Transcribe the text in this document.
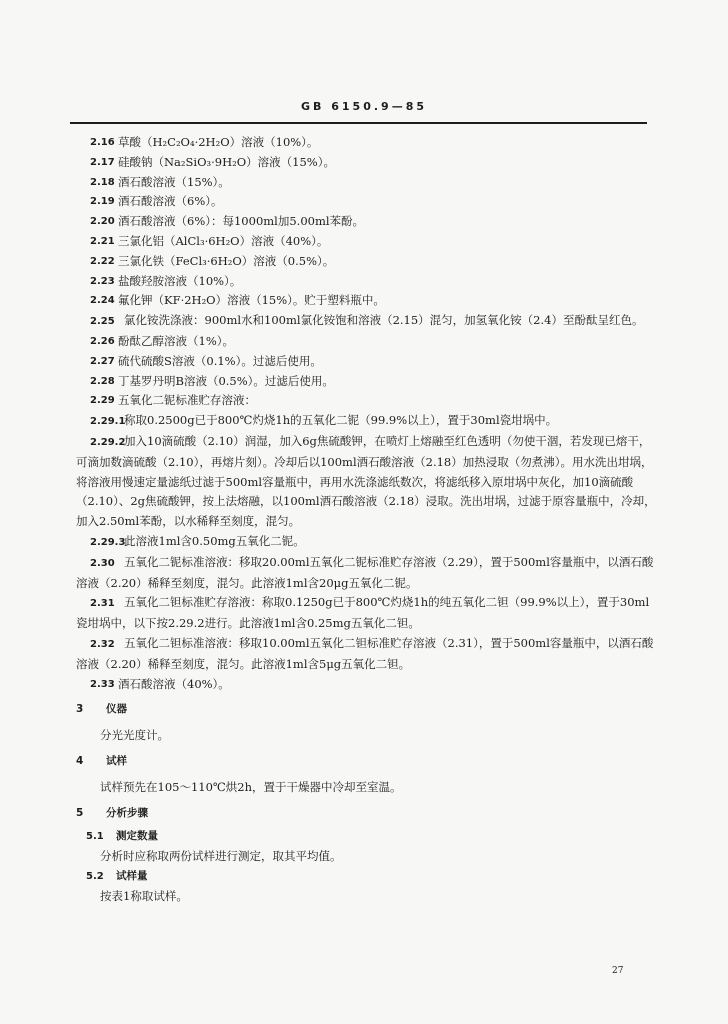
GB 6150.9—85
2.16 草酸（H₂C₂O₄·2H₂O）溶液（10%）。
2.17 硅酸钠（Na₂SiO₃·9H₂O）溶液（15%）。
2.18 酒石酸溶液（15%）。
2.19 酒石酸溶液（6%）。
2.20 酒石酸溶液（6%）：每1000ml加5.00ml苯酚。
2.21 三氯化铝（AlCl₃·6H₂O）溶液（40%）。
2.22 三氯化铁（FeCl₃·6H₂O）溶液（0.5%）。
2.23 盐酸羟胺溶液（10%）。
2.24 氟化钾（KF·2H₂O）溶液（15%）。贮于塑料瓶中。
2.25 氯化铵洗涤液：900ml水和100ml氯化铵饱和溶液（2.15）混匀，加氢氧化铵（2.4）至酚酞呈红色。
2.26 酚酞乙醇溶液（1%）。
2.27 硫代硫酸S溶液（0.1%）。过滤后使用。
2.28 丁基罗丹明B溶液（0.5%）。过滤后使用。
2.29 五氧化二铌标准贮存溶液：
2.29.1称取0.2500g已于800℃灼烧1h的五氧化二铌（99.9%以上），置于30ml瓷坩埚中。
2.29.2加入10滴硫酸（2.10）润湿，加入6g焦硫酸钾，在喷灯上熔融至红色透明（勿使干涸，若发现已熔干，可滴加数滴硫酸（2.10），再熔片刻）。冷却后以100ml酒石酸溶液（2.18）加热浸取（勿煮沸）。用水洗出坩埚，将溶液用慢速定量滤纸过滤于500ml容量瓶中，再用水洗涤滤纸数次，将滤纸移入原坩埚中灰化，加10滴硫酸（2.10）、2g焦硫酸钾，按上法熔融，以100ml酒石酸溶液（2.18）浸取。洗出坩埚，过滤于原容量瓶中，冷却，加入2.50ml苯酚，以水稀释至刻度，混匀。
2.29.3此溶液1ml含0.50mg五氧化二铌。
2.30 五氧化二铌标准溶液：移取20.00ml五氧化二铌标准贮存溶液（2.29），置于500ml容量瓶中，以酒石酸溶液（2.20）稀释至刻度，混匀。此溶液1ml含20μg五氧化二铌。
2.31 五氧化二钽标准贮存溶液：称取0.1250g已于800℃灼烧1h的纯五氧化二钽（99.9%以上），置于30ml瓷坩埚中，以下按2.29.2进行。此溶液1ml含0.25mg五氧化二钽。
2.32 五氧化二钽标准溶液：移取10.00ml五氧化二钽标准贮存溶液（2.31），置于500ml容量瓶中，以酒石酸溶液（2.20）稀释至刻度，混匀。此溶液1ml含5μg五氧化二钽。
2.33 酒石酸溶液（40%）。
3	仪器
分光光度计。
4	试样
试样预先在105～110℃烘2h，置于干燥器中冷却至室温。
5	分析步骤
5.1	测定数量
分析时应称取两份试样进行测定，取其平均值。
5.2	试样量
按表1称取试样。
27
